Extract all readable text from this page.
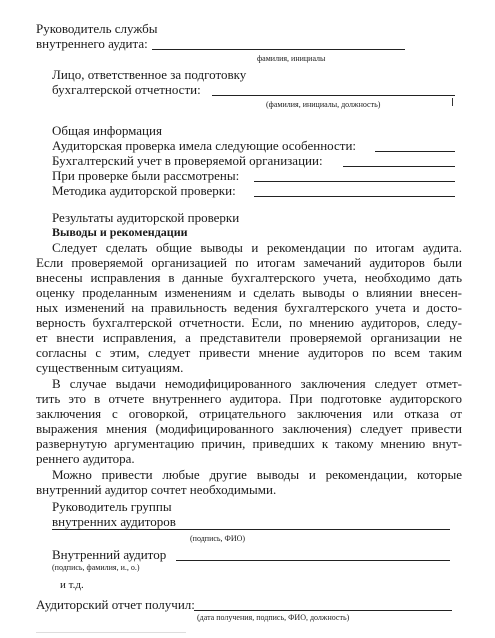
Руководитель службы
внутреннего аудита:
фамилия, инициалы
Лицо, ответственное за подготовку
бухгалтерской отчетности:
(фамилия, инициалы, должность)
Общая информация
Аудиторская проверка имела следующие особенности:
Бухгалтерский учет в проверяемой организации:
При проверке были рассмотрены:
Методика аудиторской проверки:
Результаты аудиторской проверки
Выводы и рекомендации
Следует сделать общие выводы и рекомендации по итогам аудита.
Если проверяемой организацией по итогам замечаний аудиторов были
внесены исправления в данные бухгалтерского учета, необходимо дать
оценку проделанным изменениям и сделать выводы о влиянии внесен-
ных изменений на правильность ведения бухгалтерского учета и досто-
верность бухгалтерской отчетности. Если, по мнению аудиторов, следу-
ет внести исправления, а представители проверяемой организации не
согласны с этим, следует привести мнение аудиторов по всем таким
существенным ситуациям.
В случае выдачи немодифицированного заключения следует отмет-
тить это в отчете внутреннего аудитора. При подготовке аудиторского
заключения с оговоркой, отрицательного заключения или отказа от
выражения мнения (модифицированного заключения) следует привести
развернутую аргументацию причин, приведших к такому мнению внут-
реннего аудитора.
Можно привести любые другие выводы и рекомендации, которые
внутренний аудитор сочтет необходимыми.
Руководитель группы
внутренних аудиторов
(подпись, ФИО)
Внутренний аудитор
(подпись, фамилия, и., о.)
и т.д.
Аудиторский отчет получил:
(дата получения, подпись, ФИО, должность)
